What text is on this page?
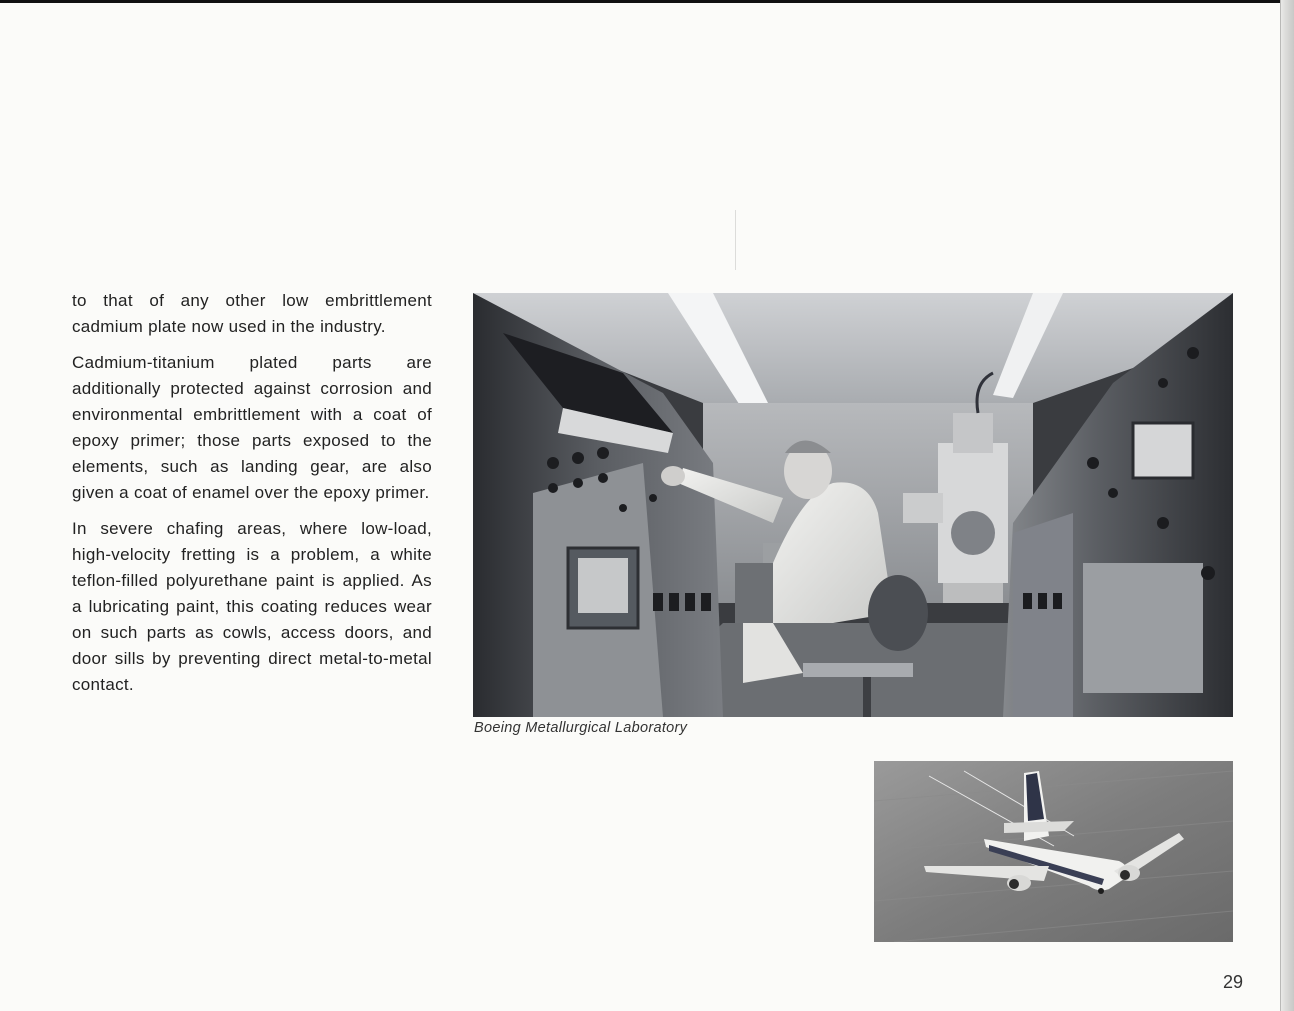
to that of any other low embrittlement cadmium plate now used in the industry.

Cadmium-titanium plated parts are additionally protected against corrosion and environmental embrittlement with a coat of epoxy primer; those parts exposed to the elements, such as landing gear, are also given a coat of enamel over the epoxy primer.

In severe chafing areas, where low-load, high-velocity fretting is a problem, a white teflon-filled polyurethane paint is applied. As a lubricating paint, this coating reduces wear on such parts as cowls, access doors, and door sills by preventing direct metal-to-metal contact.

Boeing Metallurgical Laboratory
29
